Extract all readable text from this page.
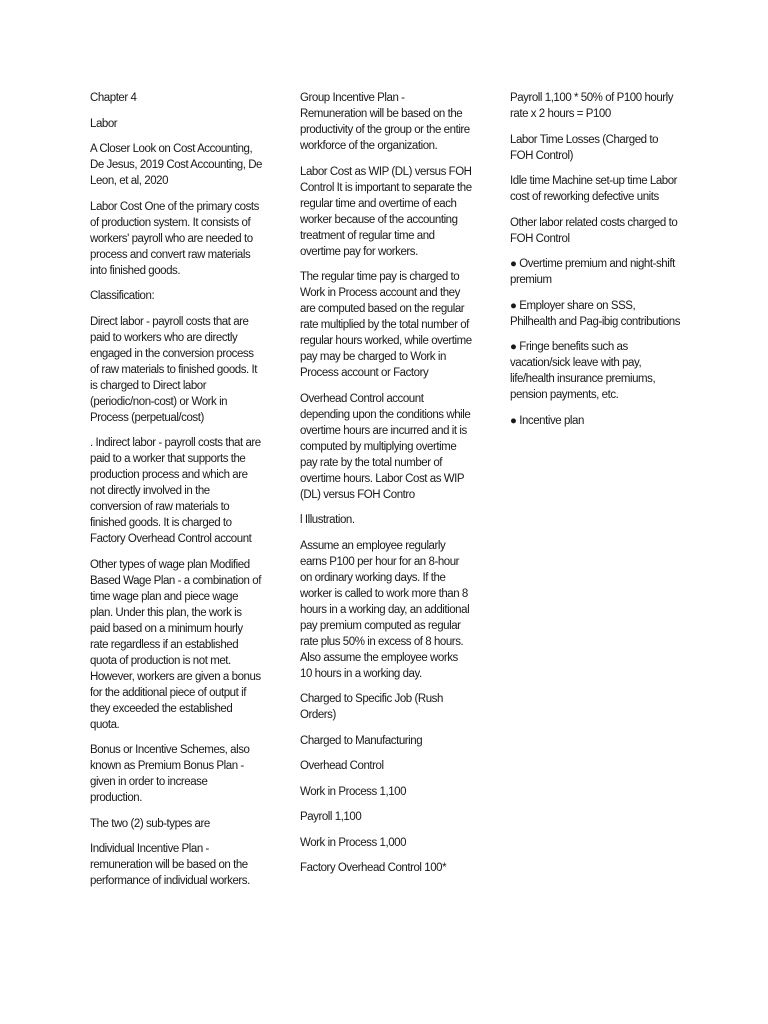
Chapter 4

Labor

A Closer Look on Cost Accounting, De Jesus, 2019 Cost Accounting, De Leon, et al, 2020

Labor Cost One of the primary costs of production system. It consists of workers' payroll who are needed to process and convert raw materials into finished goods.

Classification:

Direct labor - payroll costs that are paid to workers who are directly engaged in the conversion process of raw materials to finished goods. It is charged to Direct labor (periodic/non-cost) or Work in Process (perpetual/cost)

. Indirect labor - payroll costs that are paid to a worker that supports the production process and which are not directly involved in the conversion of raw materials to finished goods. It is charged to Factory Overhead Control account

Other types of wage plan Modified Based Wage Plan - a combination of time wage plan and piece wage plan. Under this plan, the work is paid based on a minimum hourly rate regardless if an established quota of production is not met. However, workers are given a bonus for the additional piece of output if they exceeded the established quota.

Bonus or Incentive Schemes, also known as Premium Bonus Plan - given in order to increase production.

The two (2) sub-types are

Individual Incentive Plan - remuneration will be based on the performance of individual workers.

Group Incentive Plan - Remuneration will be based on the productivity of the group or the entire workforce of the organization.

Labor Cost as WIP (DL) versus FOH Control It is important to separate the regular time and overtime of each worker because of the accounting treatment of regular time and overtime pay for workers.

The regular time pay is charged to Work in Process account and they are computed based on the regular rate multiplied by the total number of regular hours worked, while overtime pay may be charged to Work in Process account or Factory

Overhead Control account depending upon the conditions while overtime hours are incurred and it is computed by multiplying overtime pay rate by the total number of overtime hours. Labor Cost as WIP (DL) versus FOH Contro

l Illustration.

Assume an employee regularly earns P100 per hour for an 8-hour on ordinary working days. If the worker is called to work more than 8 hours in a working day, an additional pay premium computed as regular rate plus 50% in excess of 8 hours. Also assume the employee works 10 hours in a working day.

Charged to Specific Job (Rush Orders)

Charged to Manufacturing

Overhead Control

Work in Process 1,100

Payroll 1,100

Work in Process 1,000

Factory Overhead Control 100*

Payroll 1,100 * 50% of P100 hourly rate x 2 hours = P100

Labor Time Losses (Charged to FOH Control)

Idle time Machine set-up time Labor cost of reworking defective units

Other labor related costs charged to FOH Control

● Overtime premium and night-shift premium

● Employer share on SSS, Philhealth and Pag-ibig contributions

● Fringe benefits such as vacation/sick leave with pay, life/health insurance premiums, pension payments, etc.

● Incentive plan
